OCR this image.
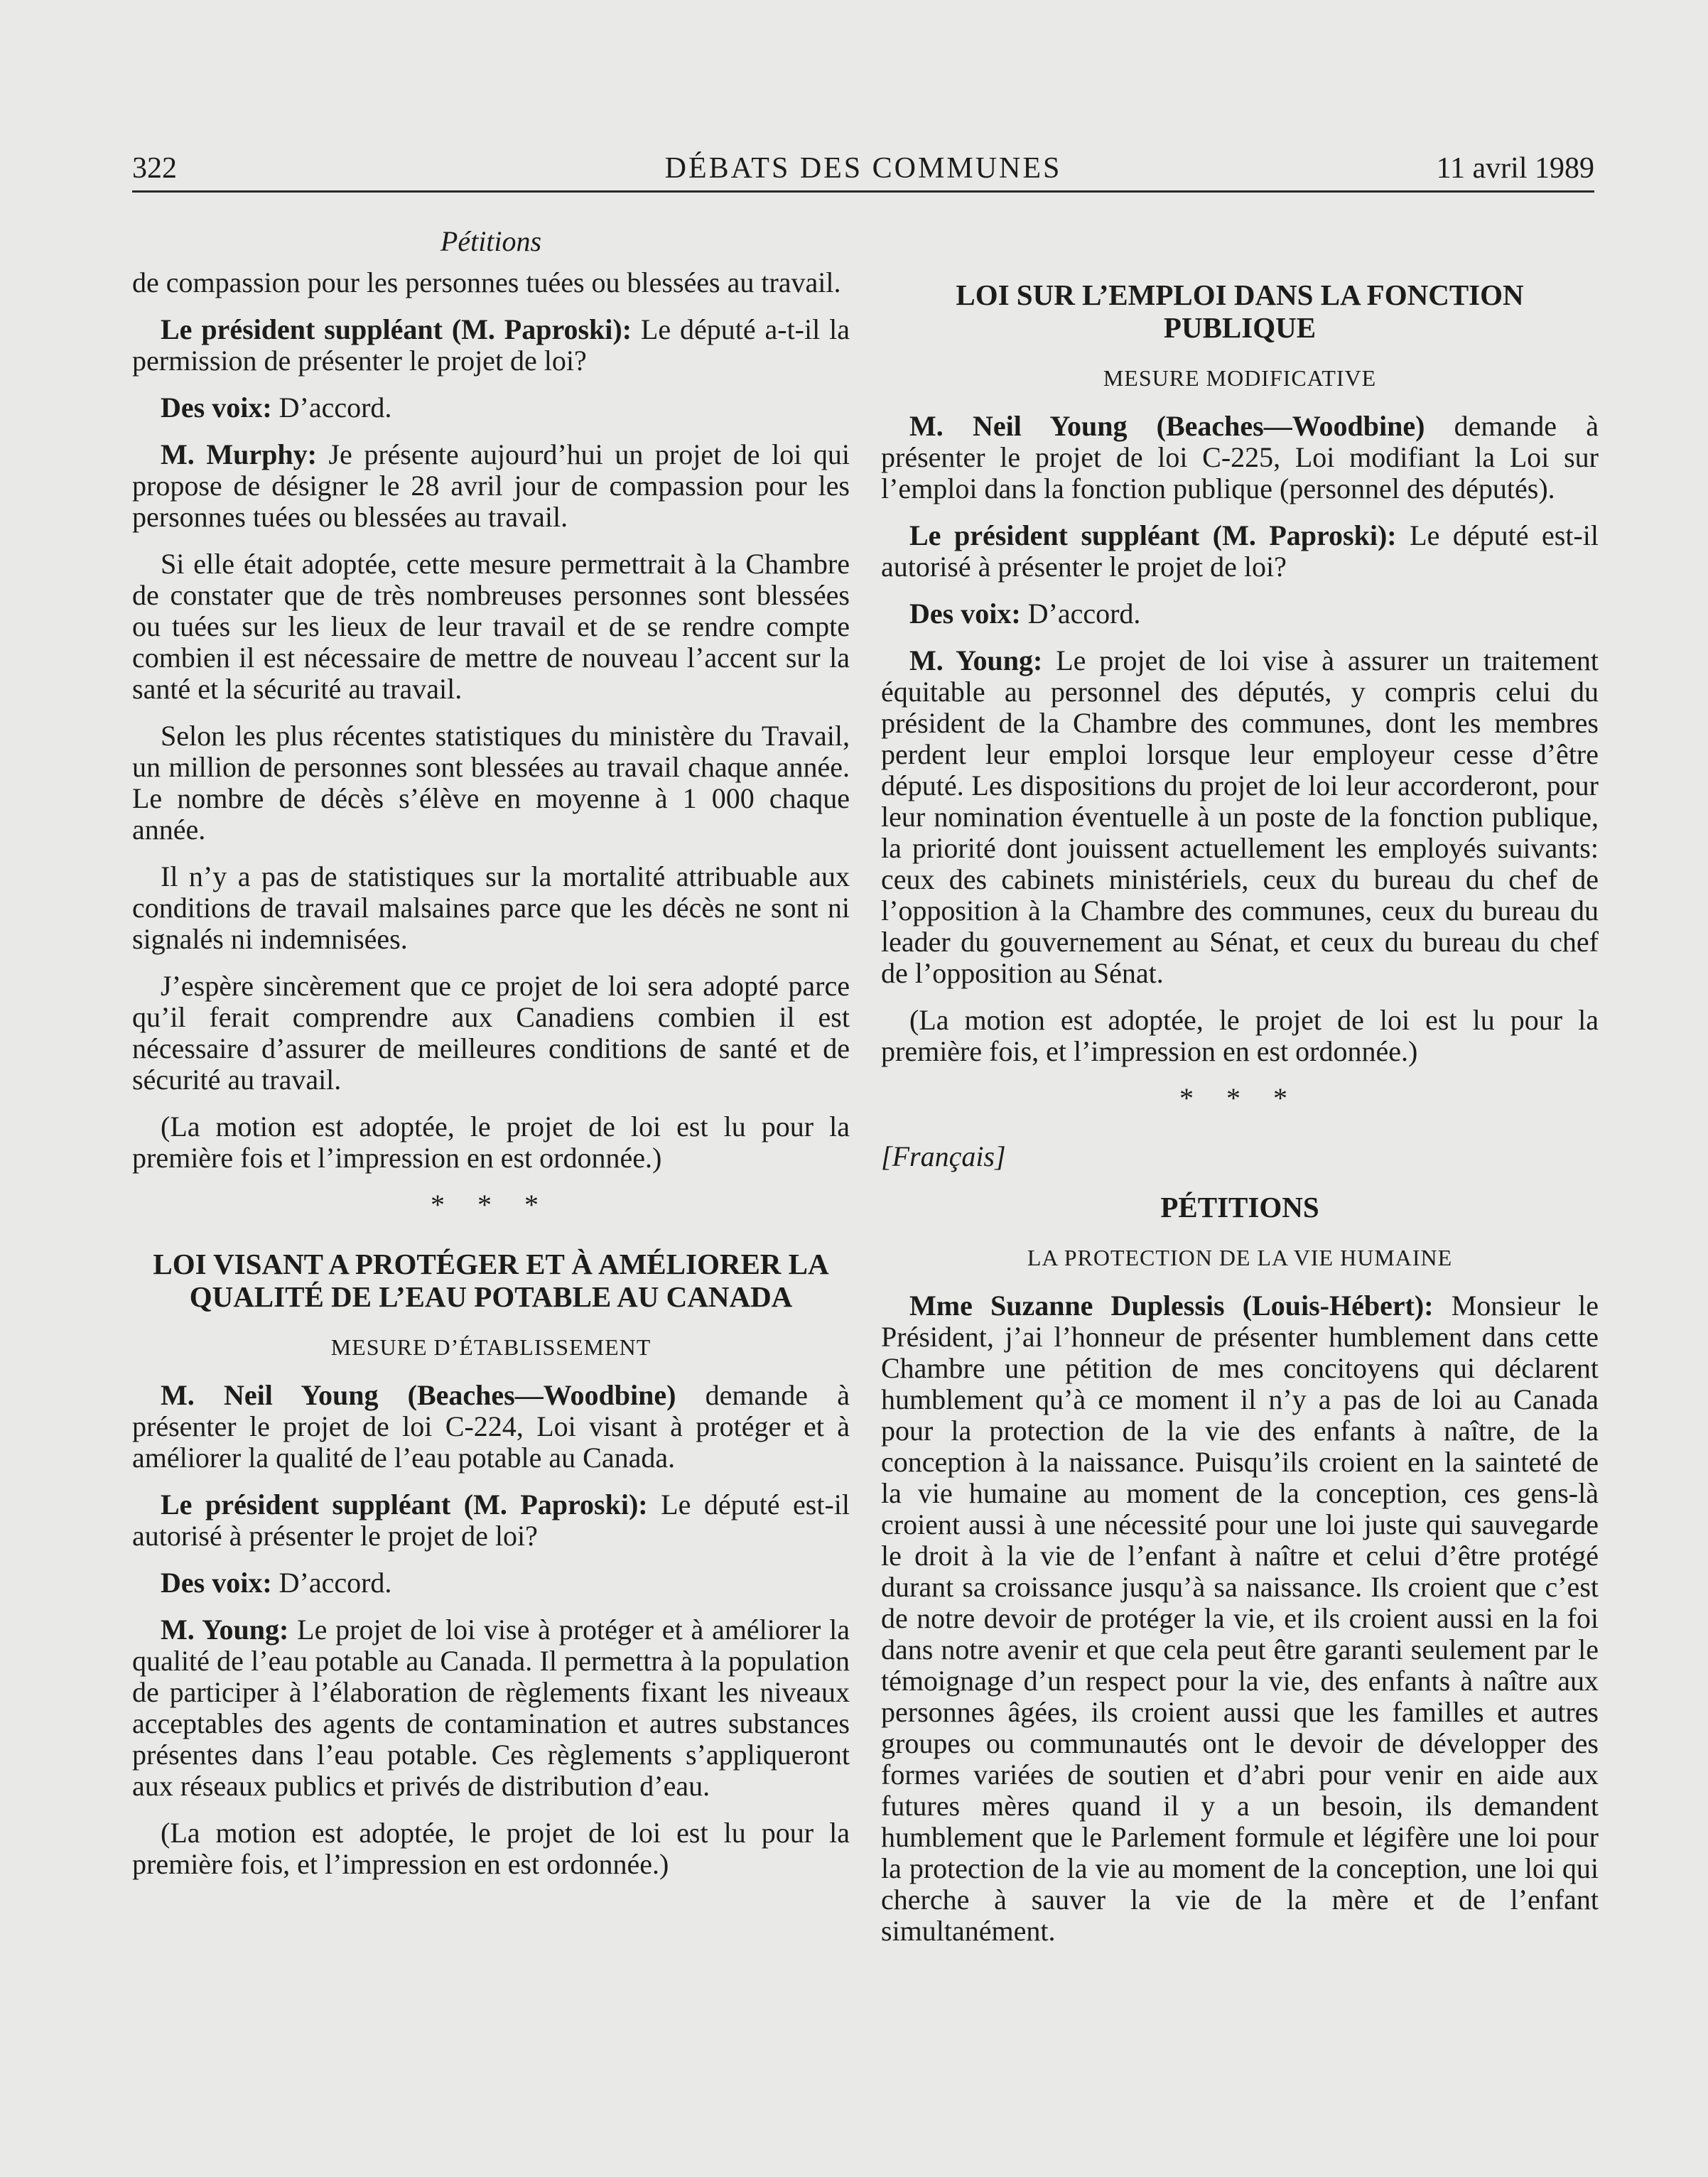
322	DÉBATS DES COMMUNES	11 avril 1989
Pétitions

de compassion pour les personnes tuées ou blessées au travail.

Le président suppléant (M. Paproski): Le député a-t-il la permission de présenter le projet de loi?

Des voix: D’accord.

M. Murphy: Je présente aujourd’hui un projet de loi qui propose de désigner le 28 avril jour de compassion pour les personnes tuées ou blessées au travail.

Si elle était adoptée, cette mesure permettrait à la Chambre de constater que de très nombreuses personnes sont blessées ou tuées sur les lieux de leur travail et de se rendre compte combien il est nécessaire de mettre de nouveau l’accent sur la santé et la sécurité au travail.

Selon les plus récentes statistiques du ministère du Travail, un million de personnes sont blessées au travail chaque année. Le nombre de décès s’élève en moyenne à 1 000 chaque année.

Il n’y a pas de statistiques sur la mortalité attribuable aux conditions de travail malsaines parce que les décès ne sont ni signalés ni indemnisées.

J’espère sincèrement que ce projet de loi sera adopté parce qu’il ferait comprendre aux Canadiens combien il est nécessaire d’assurer de meilleures conditions de santé et de sécurité au travail.

(La motion est adoptée, le projet de loi est lu pour la première fois et l’impression en est ordonnée.)

* * *
LOI VISANT A PROTÉGER ET À AMÉLIORER LA QUALITÉ DE L’EAU POTABLE AU CANADA
MESURE D’ÉTABLISSEMENT

M. Neil Young (Beaches—Woodbine) demande à présenter le projet de loi C-224, Loi visant à protéger et à améliorer la qualité de l’eau potable au Canada.

Le président suppléant (M. Paproski): Le député est-il autorisé à présenter le projet de loi?

Des voix: D’accord.

M. Young: Le projet de loi vise à protéger et à améliorer la qualité de l’eau potable au Canada. Il permettra à la population de participer à l’élaboration de règlements fixant les niveaux acceptables des agents de contamination et autres substances présentes dans l’eau potable. Ces règlements s’appliqueront aux réseaux publics et privés de distribution d’eau.

(La motion est adoptée, le projet de loi est lu pour la première fois, et l’impression en est ordonnée.)

LOI SUR L’EMPLOI DANS LA FONCTION PUBLIQUE
MESURE MODIFICATIVE

M. Neil Young (Beaches—Woodbine) demande à présenter le projet de loi C-225, Loi modifiant la Loi sur l’emploi dans la fonction publique (personnel des députés).

Le président suppléant (M. Paproski): Le député est-il autorisé à présenter le projet de loi?

Des voix: D’accord.

M. Young: Le projet de loi vise à assurer un traitement équitable au personnel des députés, y compris celui du président de la Chambre des communes, dont les membres perdent leur emploi lorsque leur employeur cesse d’être député. Les dispositions du projet de loi leur accorderont, pour leur nomination éventuelle à un poste de la fonction publique, la priorité dont jouissent actuellement les employés suivants: ceux des cabinets ministériels, ceux du bureau du chef de l’opposition à la Chambre des communes, ceux du bureau du leader du gouvernement au Sénat, et ceux du bureau du chef de l’opposition au Sénat.

(La motion est adoptée, le projet de loi est lu pour la première fois, et l’impression en est ordonnée.)

* * *
[Français]
PÉTITIONS
LA PROTECTION DE LA VIE HUMAINE

Mme Suzanne Duplessis (Louis-Hébert): Monsieur le Président, j’ai l’honneur de présenter humblement dans cette Chambre une pétition de mes concitoyens qui déclarent humblement qu’à ce moment il n’y a pas de loi au Canada pour la protection de la vie des enfants à naître, de la conception à la naissance. Puisqu’ils croient en la sainteté de la vie humaine au moment de la conception, ces gens-là croient aussi à une nécessité pour une loi juste qui sauvegarde le droit à la vie de l’enfant à naître et celui d’être protégé durant sa croissance jusqu’à sa naissance. Ils croient que c’est de notre devoir de protéger la vie, et ils croient aussi en la foi dans notre avenir et que cela peut être garanti seulement par le témoignage d’un respect pour la vie, des enfants à naître aux personnes âgées, ils croient aussi que les familles et autres groupes ou communautés ont le devoir de développer des formes variées de soutien et d’abri pour venir en aide aux futures mères quand il y a un besoin, ils demandent humblement que le Parlement formule et légifère une loi pour la protection de la vie au moment de la conception, une loi qui cherche à sauver la vie de la mère et de l’enfant simultanément.
